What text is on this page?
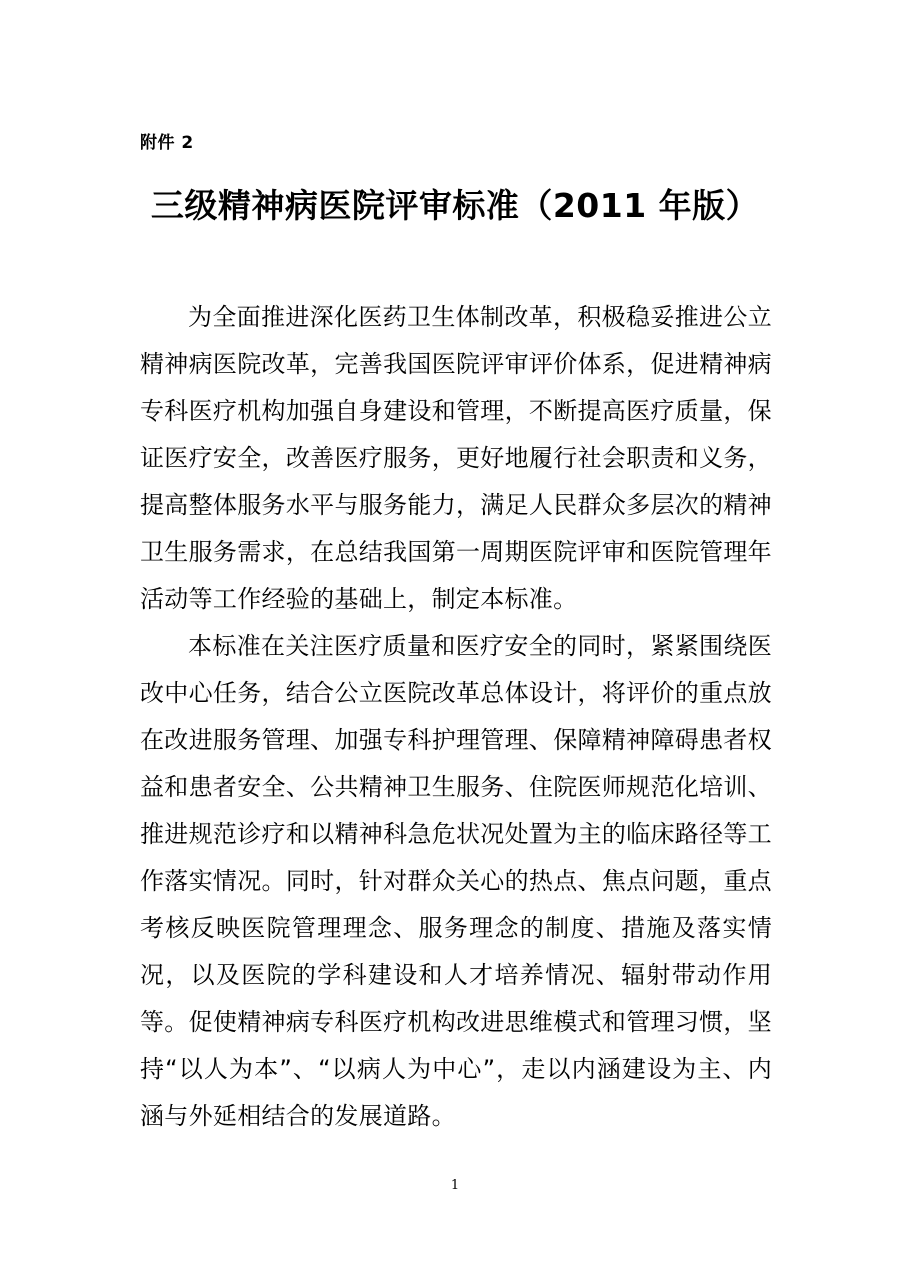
附件 2
三级精神病医院评审标准（2011 年版）

为全面推进深化医药卫生体制改革，积极稳妥推进公立精神病医院改革，完善我国医院评审评价体系，促进精神病专科医疗机构加强自身建设和管理，不断提高医疗质量，保证医疗安全，改善医疗服务，更好地履行社会职责和义务，提高整体服务水平与服务能力，满足人民群众多层次的精神卫生服务需求，在总结我国第一周期医院评审和医院管理年活动等工作经验的基础上，制定本标准。

本标准在关注医疗质量和医疗安全的同时，紧紧围绕医改中心任务，结合公立医院改革总体设计，将评价的重点放在改进服务管理、加强专科护理管理、保障精神障碍患者权益和患者安全、公共精神卫生服务、住院医师规范化培训、推进规范诊疗和以精神科急危状况处置为主的临床路径等工作落实情况。同时，针对群众关心的热点、焦点问题，重点考核反映医院管理理念、服务理念的制度、措施及落实情况，以及医院的学科建设和人才培养情况、辐射带动作用等。促使精神病专科医疗机构改进思维模式和管理习惯，坚持“以人为本”、“以病人为中心”，走以内涵建设为主、内涵与外延相结合的发展道路。

1
